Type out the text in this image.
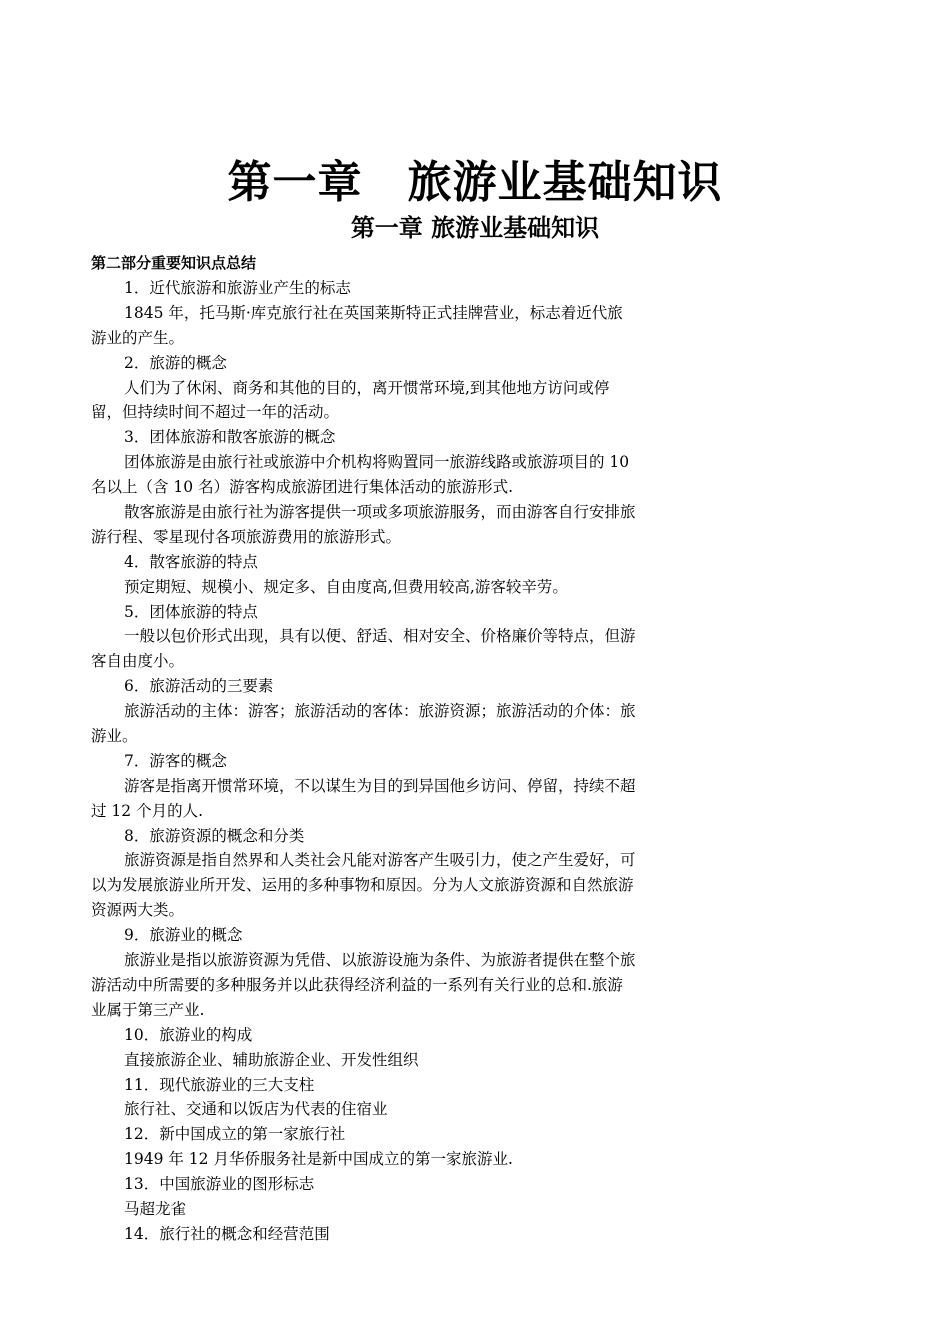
第一章　旅游业基础知识
第一章 旅游业基础知识
第二部分重要知识点总结
1．近代旅游和旅游业产生的标志
1845 年，托马斯·库克旅行社在英国莱斯特正式挂牌营业，标志着近代旅
游业的产生。
2．旅游的概念
人们为了休闲、商务和其他的目的，离开惯常环境,到其他地方访问或停
留，但持续时间不超过一年的活动。
3．团体旅游和散客旅游的概念
团体旅游是由旅行社或旅游中介机构将购置同一旅游线路或旅游项目的 10
名以上（含 10 名）游客构成旅游团进行集体活动的旅游形式.
散客旅游是由旅行社为游客提供一项或多项旅游服务，而由游客自行安排旅
游行程、零星现付各项旅游费用的旅游形式。
4．散客旅游的特点
预定期短、规模小、规定多、自由度高,但费用较高,游客较辛劳。
5．团体旅游的特点
一般以包价形式出现，具有以便、舒适、相对安全、价格廉价等特点，但游
客自由度小。
6．旅游活动的三要素
旅游活动的主体：游客；旅游活动的客体：旅游资源；旅游活动的介体：旅
游业。
7．游客的概念
游客是指离开惯常环境，不以谋生为目的到异国他乡访问、停留，持续不超
过 12 个月的人.
8．旅游资源的概念和分类
旅游资源是指自然界和人类社会凡能对游客产生吸引力，使之产生爱好，可
以为发展旅游业所开发、运用的多种事物和原因。分为人文旅游资源和自然旅游
资源两大类。
9．旅游业的概念
旅游业是指以旅游资源为凭借、以旅游设施为条件、为旅游者提供在整个旅
游活动中所需要的多种服务并以此获得经济利益的一系列有关行业的总和.旅游
业属于第三产业.
10．旅游业的构成
直接旅游企业、辅助旅游企业、开发性组织
11．现代旅游业的三大支柱
旅行社、交通和以饭店为代表的住宿业
12．新中国成立的第一家旅行社
1949 年 12 月华侨服务社是新中国成立的第一家旅游业.
13．中国旅游业的图形标志
马超龙雀
14．旅行社的概念和经营范围
